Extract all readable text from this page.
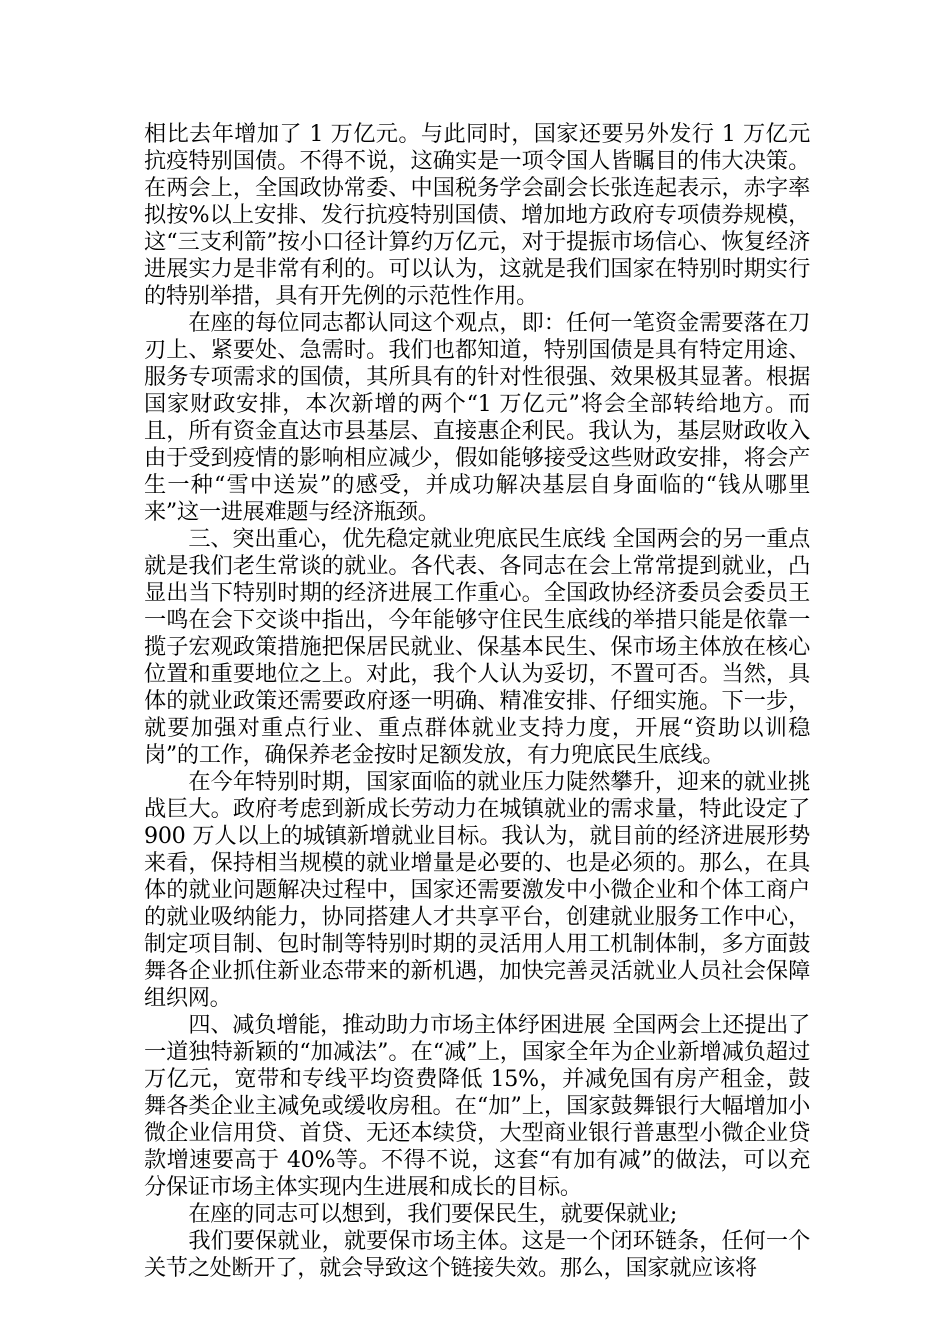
相比去年增加了 1 万亿元。与此同时，国家还要另外发行 1 万亿元抗疫特别国债。不得不说，这确实是一项令国人皆瞩目的伟大决策。在两会上，全国政协常委、中国税务学会副会长张连起表示，赤字率拟按%以上安排、发行抗疫特别国债、增加地方政府专项债券规模，这“三支利箭”按小口径计算约万亿元，对于提振市场信心、恢复经济进展实力是非常有利的。可以认为，这就是我们国家在特别时期实行的特别举措，具有开先例的示范性作用。

在座的每位同志都认同这个观点，即：任何一笔资金需要落在刀刃上、紧要处、急需时。我们也都知道，特别国债是具有特定用途、服务专项需求的国债，其所具有的针对性很强、效果极其显著。根据国家财政安排，本次新增的两个“1 万亿元”将会全部转给地方。而且，所有资金直达市县基层、直接惠企利民。我认为，基层财政收入由于受到疫情的影响相应减少，假如能够接受这些财政安排，将会产生一种“雪中送炭”的感受，并成功解决基层自身面临的“钱从哪里来”这一进展难题与经济瓶颈。

三、突出重心，优先稳定就业兜底民生底线 全国两会的另一重点就是我们老生常谈的就业。各代表、各同志在会上常常提到就业，凸显出当下特别时期的经济进展工作重心。全国政协经济委员会委员王一鸣在会下交谈中指出，今年能够守住民生底线的举措只能是依靠一揽子宏观政策措施把保居民就业、保基本民生、保市场主体放在核心位置和重要地位之上。对此，我个人认为妥切，不置可否。当然，具体的就业政策还需要政府逐一明确、精准安排、仔细实施。下一步，就要加强对重点行业、重点群体就业支持力度，开展“资助以训稳岗”的工作，确保养老金按时足额发放，有力兜底民生底线。

在今年特别时期，国家面临的就业压力陡然攀升，迎来的就业挑战巨大。政府考虑到新成长劳动力在城镇就业的需求量，特此设定了 900 万人以上的城镇新增就业目标。我认为，就目前的经济进展形势来看，保持相当规模的就业增量是必要的、也是必须的。那么，在具体的就业问题解决过程中，国家还需要激发中小微企业和个体工商户的就业吸纳能力，协同搭建人才共享平台，创建就业服务工作中心，制定项目制、包时制等特别时期的灵活用人用工机制体制，多方面鼓舞各企业抓住新业态带来的新机遇，加快完善灵活就业人员社会保障组织网。

四、减负增能，推动助力市场主体纾困进展 全国两会上还提出了一道独特新颖的“加减法”。在“减”上，国家全年为企业新增减负超过万亿元，宽带和专线平均资费降低 15%，并减免国有房产租金，鼓舞各类企业主减免或缓收房租。在“加”上，国家鼓舞银行大幅增加小微企业信用贷、首贷、无还本续贷，大型商业银行普惠型小微企业贷款增速要高于 40%等。不得不说，这套“有加有减”的做法，可以充分保证市场主体实现内生进展和成长的目标。

在座的同志可以想到，我们要保民生，就要保就业;

我们要保就业，就要保市场主体。这是一个闭环链条，任何一个关节之处断开了，就会导致这个链接失效。那么，国家就应该将
